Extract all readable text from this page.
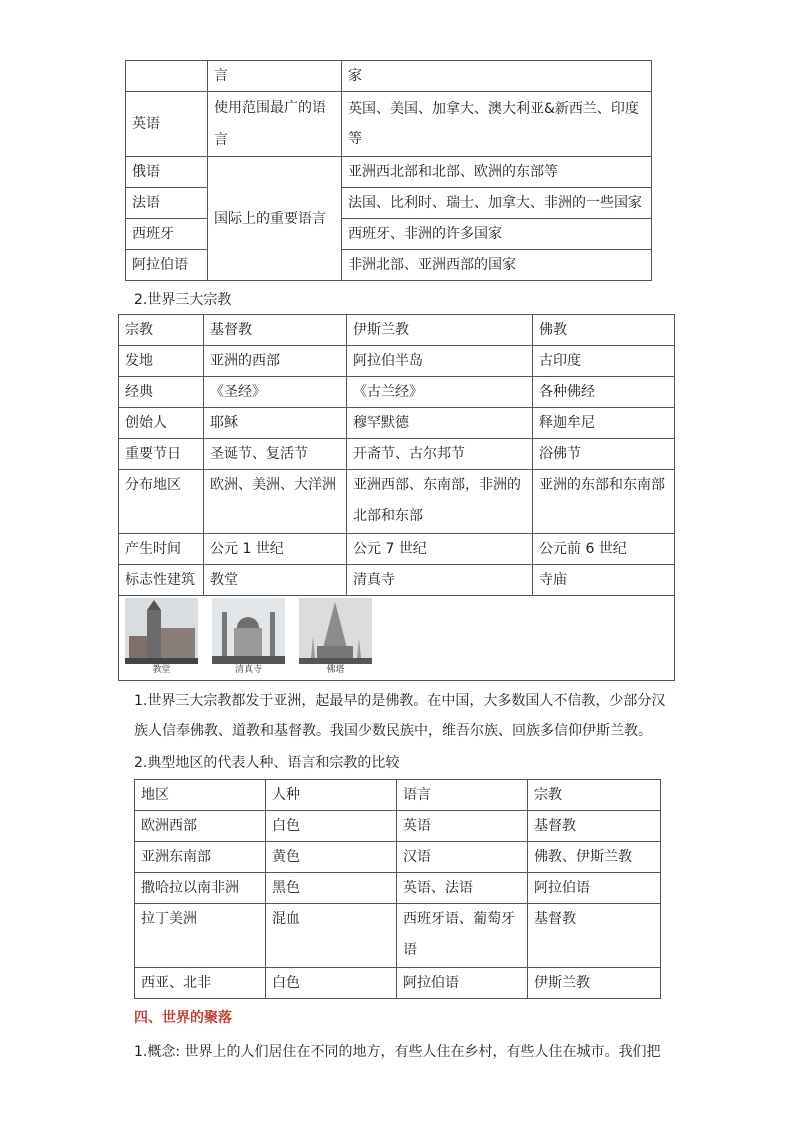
	言	家
英语	使用范围最广的语言	英国、美国、加拿大、澳大利亚&新西兰、印度等
俄语	国际上的重要语言	亚洲西北部和北部、欧洲的东部等
法语		法国、比利时、瑞士、加拿大、非洲的一些国家
西班牙		西班牙、非洲的许多国家
阿拉伯语		非洲北部、亚洲西部的国家
2.世界三大宗教
宗教	基督教	伊斯兰教	佛教
发地	亚洲的西部	阿拉伯半岛	古印度
经典	《圣经》	《古兰经》	各种佛经
创始人	耶稣	穆罕默德	释迦牟尼
重要节日	圣诞节、复活节	开斋节、古尔邦节	浴佛节
分布地区	欧洲、美洲、大洋洲	亚洲西部、东南部，非洲的北部和东部	亚洲的东部和东南部
产生时间	公元 1 世纪	公元 7 世纪	公元前 6 世纪
标志性建筑	教堂	清真寺	寺庙

教堂 清真寺 佛塔			
1.世界三大宗教都发于亚洲，起最早的是佛教。在中国，大多数国人不信教，少部分汉族人信奉佛教、道教和基督教。我国少数民族中，维吾尔族、回族多信仰伊斯兰教。
2.典型地区的代表人种、语言和宗教的比较
地区	人种	语言	宗教
欧洲西部	白色	英语	基督教
亚洲东南部	黄色	汉语	佛教、伊斯兰教
撒哈拉以南非洲	黑色	英语、法语	阿拉伯语
拉丁美洲	混血	西班牙语、葡萄牙语	基督教
西亚、北非	白色	阿拉伯语	伊斯兰教
四、世界的聚落
1.概念: 世界上的人们居住在不同的地方，有些人住在乡村，有些人住在城市。我们把
